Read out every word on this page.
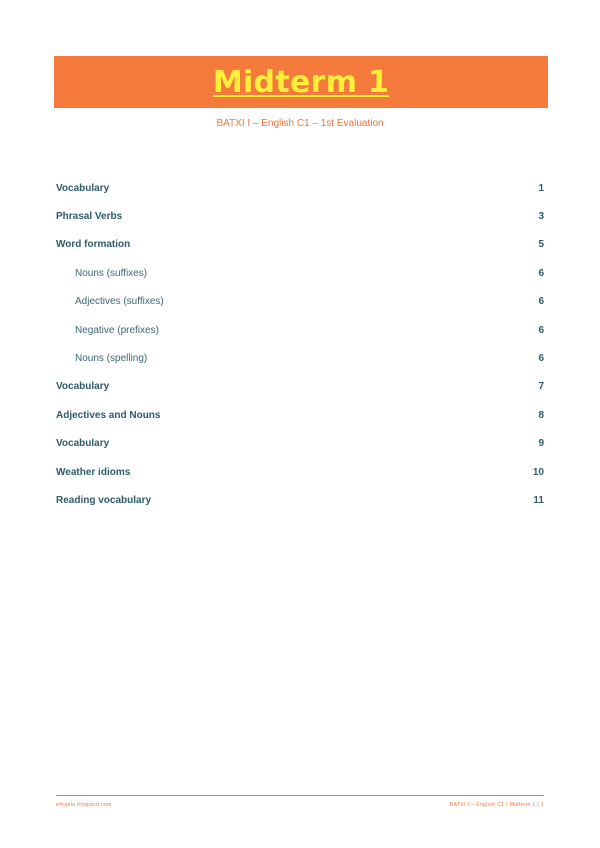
Midterm 1
BATXI I – English C1 – 1st Evaluation
Vocabulary	1
Phrasal Verbs	3
Word formation	5
Nouns (suffixes)	6
Adjectives (suffixes)	6
Negative (prefixes)	6
Nouns (spelling)	6
Vocabulary	7
Adjectives and Nouns	8
Vocabulary	9
Weather idioms	10
Reading vocabulary	11
e4rgela.blogspot.com	BATXI I – English C1 | Midterm 1 | 1
